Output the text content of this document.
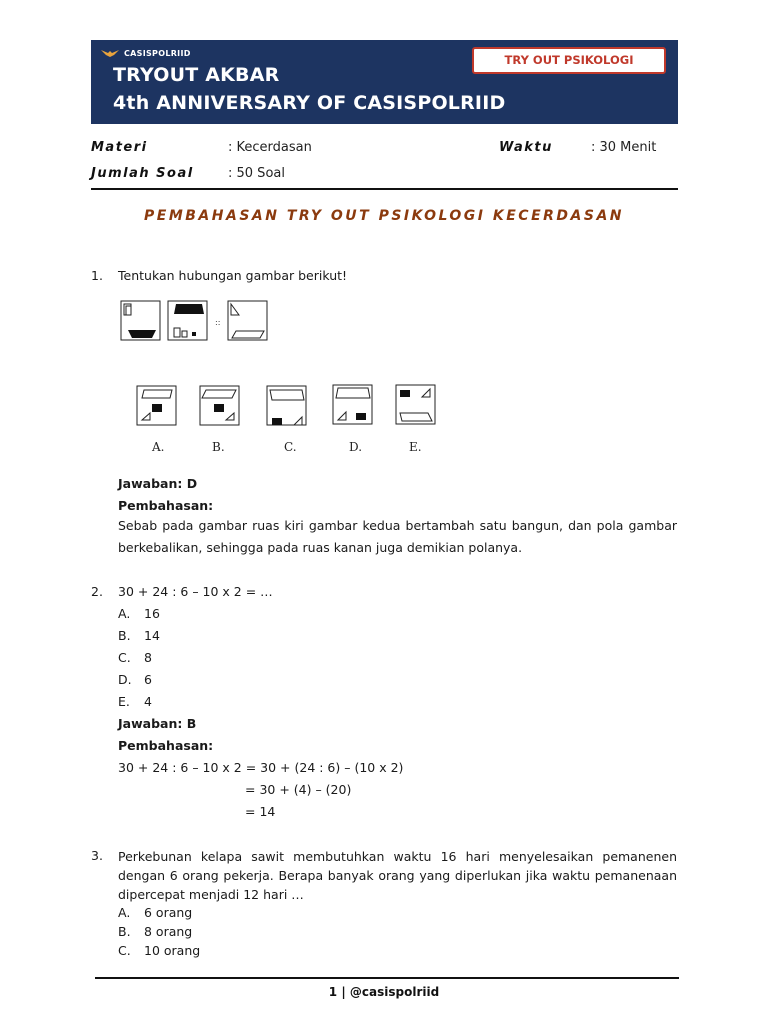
CASISPOLRIID
TRYOUT AKBAR
4th ANNIVERSARY OF CASISPOLRIID
TRY OUT PSIKOLOGI
Materi	: Kecerdasan
Jumlah Soal	: 50 Soal
Waktu	: 30 Menit
PEMBAHASAN TRY OUT PSIKOLOGI KECERDASAN
1. Tentukan hubungan gambar berikut!
::
A.	B.	C.	D.	E.
Jawaban: D
Pembahasan:
Sebab pada gambar ruas kiri gambar kedua bertambah satu bangun, dan pola gambar berkebalikan, sehingga pada ruas kanan juga demikian polanya.
2. 30 + 24 : 6 – 10 x 2 = …
A. 16
B. 14
C. 8
D. 6
E. 4
Jawaban: B
Pembahasan:
30 + 24 : 6 – 10 x 2 = 30 + (24 : 6) – (10 x 2)
= 30 + (4) – (20)
= 14
3. Perkebunan kelapa sawit membutuhkan waktu 16 hari menyelesaikan pemanenen dengan 6 orang pekerja. Berapa banyak orang yang diperlukan jika waktu pemanenaan dipercepat menjadi 12 hari …
A. 6 orang
B. 8 orang
C. 10 orang
1 | @casispolriid
